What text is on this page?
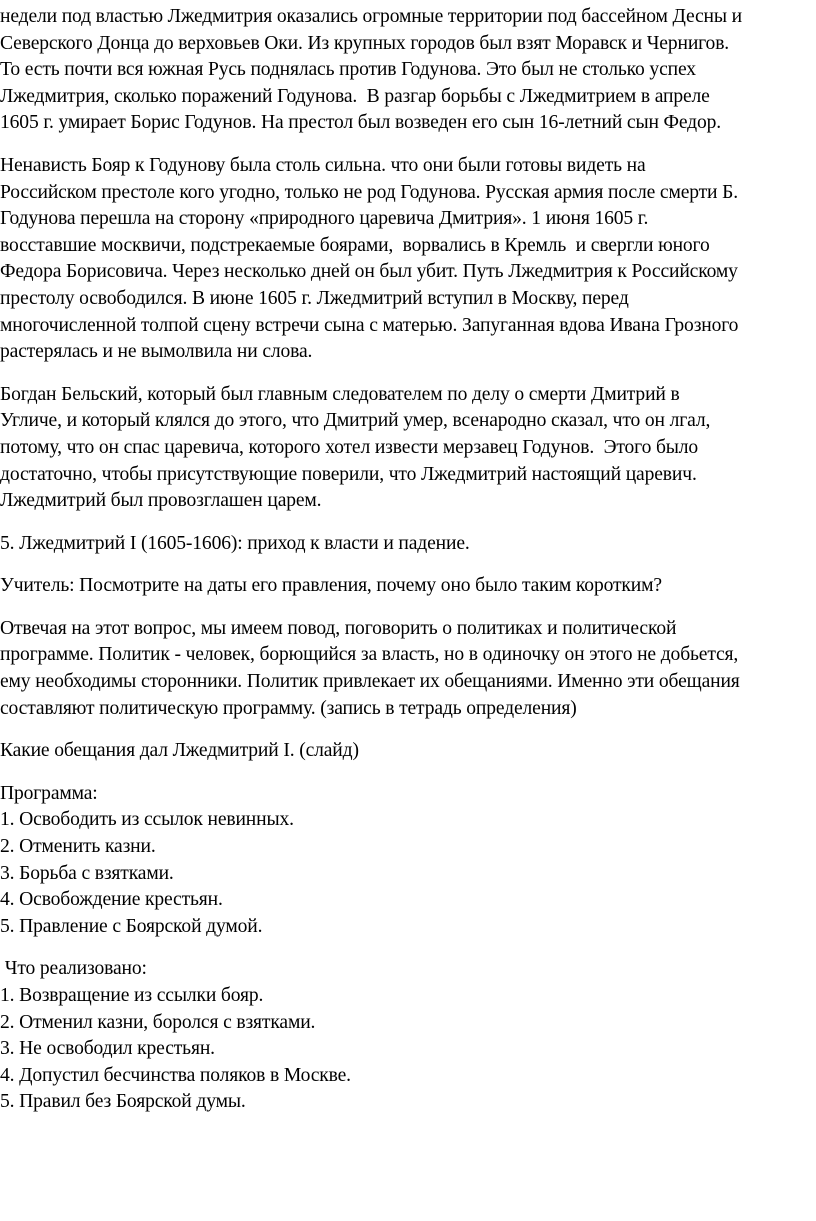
недели под властью Лжедмитрия оказались огромные территории под бассейном Десны и
Северского Донца до верховьев Оки. Из крупных городов был взят Моравск и Чернигов.
То есть почти вся южная Русь поднялась против Годунова. Это был не столько успех
Лжедмитрия, сколько поражений Годунова.  В разгар борьбы с Лжедмитрием в апреле
1605 г. умирает Борис Годунов. На престол был возведен его сын 16-летний сын Федор.
Ненависть Бояр к Годунову была столь сильна. что они были готовы видеть на
Российском престоле кого угодно, только не род Годунова. Русская армия после смерти Б.
Годунова перешла на сторону «природного царевича Дмитрия». 1 июня 1605 г.
восставшие москвичи, подстрекаемые боярами,  ворвались в Кремль  и свергли юного
Федора Борисовича. Через несколько дней он был убит. Путь Лжедмитрия к Российскому
престолу освободился. В июне 1605 г. Лжедмитрий вступил в Москву, перед
многочисленной толпой сцену встречи сына с матерью. Запуганная вдова Ивана Грозного
растерялась и не вымолвила ни слова.
Богдан Бельский, который был главным следователем по делу о смерти Дмитрий в
Угличе, и который клялся до этого, что Дмитрий умер, всенародно сказал, что он лгал,
потому, что он спас царевича, которого хотел извести мерзавец Годунов.  Этого было
достаточно, чтобы присутствующие поверили, что Лжедмитрий настоящий царевич.
Лжедмитрий был провозглашен царем.
5. Лжедмитрий I (1605-1606): приход к власти и падение.
Учитель: Посмотрите на даты его правления, почему оно было таким коротким?
Отвечая на этот вопрос, мы имеем повод, поговорить о политиках и политической
программе. Политик - человек, борющийся за власть, но в одиночку он этого не добьется,
ему необходимы сторонники. Политик привлекает их обещаниями. Именно эти обещания
составляют политическую программу. (запись в тетрадь определения)
Какие обещания дал Лжедмитрий I. (слайд)
Программа:
1. Освободить из ссылок невинных.
2. Отменить казни.
3. Борьба с взятками.
4. Освобождение крестьян.
5. Правление с Боярской думой.
Что реализовано:
1. Возвращение из ссылки бояр.
2. Отменил казни, боролся с взятками.
3. Не освободил крестьян.
4. Допустил бесчинства поляков в Москве.
5. Правил без Боярской думы.
